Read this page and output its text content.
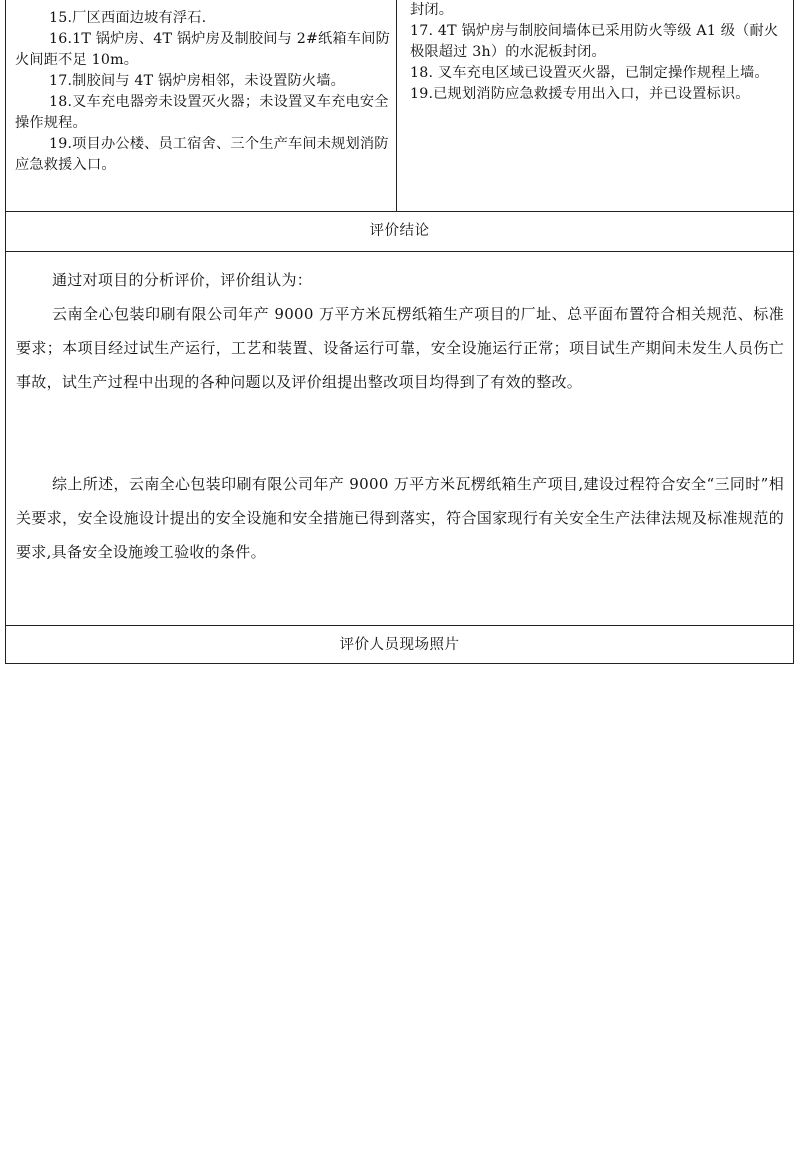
15.厂区西面边坡有浮石.
16.1T 锅炉房、4T 锅炉房及制胶间与 2#纸箱车间防火间距不足 10m。
17.制胶间与 4T 锅炉房相邻，未设置防火墙。
18.叉车充电器旁未设置灭火器；未设置叉车充电安全操作规程。
19.项目办公楼、员工宿舍、三个生产车间未规划消防应急救援入口。
封闭。
17. 4T 锅炉房与制胶间墙体已采用防火等级 A1 级（耐火极限超过 3h）的水泥板封闭。
18. 叉车充电区域已设置灭火器，已制定操作规程上墙。
19.已规划消防应急救援专用出入口，并已设置标识。
评价结论

通过对项目的分析评价，评价组认为：

云南全心包装印刷有限公司年产 9000 万平方米瓦楞纸箱生产项目的厂址、总平面布置符合相关规范、标准要求；本项目经过试生产运行，工艺和装置、设备运行可靠，安全设施运行正常；项目试生产期间未发生人员伤亡事故，试生产过程中出现的各种问题以及评价组提出整改项目均得到了有效的整改。

综上所述，云南全心包装印刷有限公司年产 9000 万平方米瓦楞纸箱生产项目,建设过程符合安全“三同时”相关要求，安全设施设计提出的安全设施和安全措施已得到落实，符合国家现行有关安全生产法律法规及标准规范的要求,具备安全设施竣工验收的条件。

评价人员现场照片
